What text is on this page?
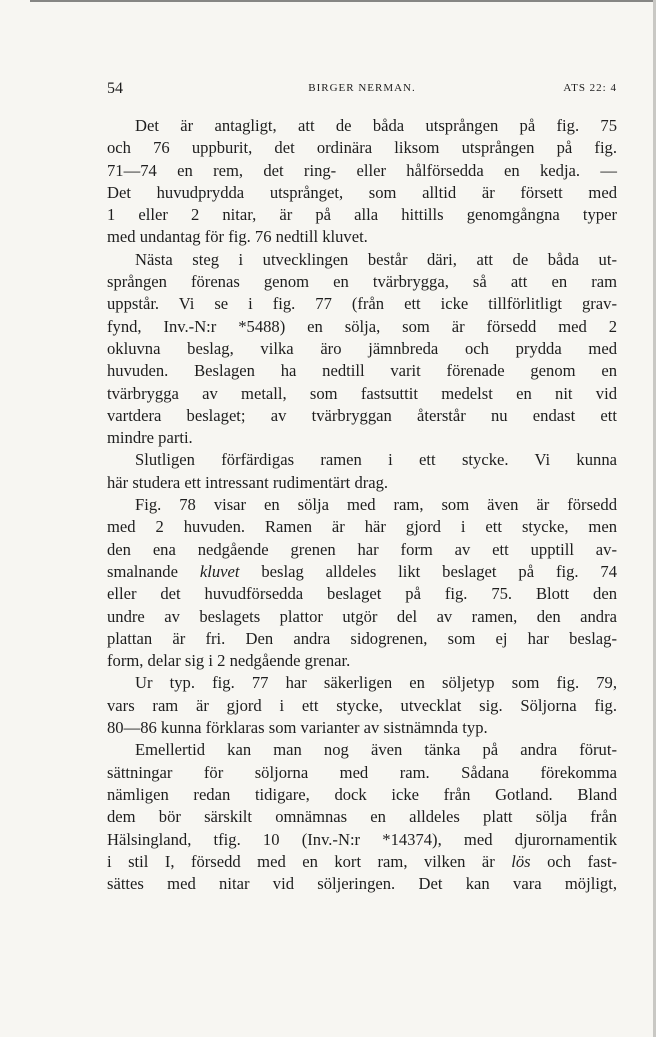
54	BIRGER NERMAN.	ATS 22: 4
Det är antagligt, att de båda utsprången på fig. 75
och 76 uppburit, det ordinära liksom utsprången på fig.
71—74 en rem, det ring- eller hålförsedda en kedja. —
Det huvudprydda utsprånget, som alltid är försett med
1 eller 2 nitar, är på alla hittills genomgångna typer
med undantag för fig. 76 nedtill kluvet.
Nästa steg i utvecklingen består däri, att de båda ut-
sprången förenas genom en tvärbrygga, så att en ram
uppstår. Vi se i fig. 77 (från ett icke tillförlitligt grav-
fynd, Inv.-N:r *5488) en sölja, som är försedd med 2
okluvna beslag, vilka äro jämnbreda och prydda med
huvuden. Beslagen ha nedtill varit förenade genom en
tvärbrygga av metall, som fastsuttit medelst en nit vid
vartdera beslaget; av tvärbryggan återstår nu endast ett
mindre parti.
Slutligen förfärdigas ramen i ett stycke. Vi kunna
här studera ett intressant rudimentärt drag.
Fig. 78 visar en sölja med ram, som även är försedd
med 2 huvuden. Ramen är här gjord i ett stycke, men
den ena nedgående grenen har form av ett upptill av-
smalnande kluvet beslag alldeles likt beslaget på fig. 74
eller det huvudförsedda beslaget på fig. 75. Blott den
undre av beslagets plattor utgör del av ramen, den andra
plattan är fri. Den andra sidogrenen, som ej har beslag-
form, delar sig i 2 nedgående grenar.
Ur typ. fig. 77 har säkerligen en söljetyp som fig. 79,
vars ram är gjord i ett stycke, utvecklat sig. Söljorna fig.
80—86 kunna förklaras som varianter av sistnämnda typ.
Emellertid kan man nog även tänka på andra förut-
sättningar för söljorna med ram. Sådana förekomma
nämligen redan tidigare, dock icke från Gotland. Bland
dem bör särskilt omnämnas en alldeles platt sölja från
Hälsingland, tfig. 10 (Inv.-N:r *14374), med djurornamentik
i stil I, försedd med en kort ram, vilken är lös och fast-
sättes med nitar vid söljeringen. Det kan vara möjligt,
